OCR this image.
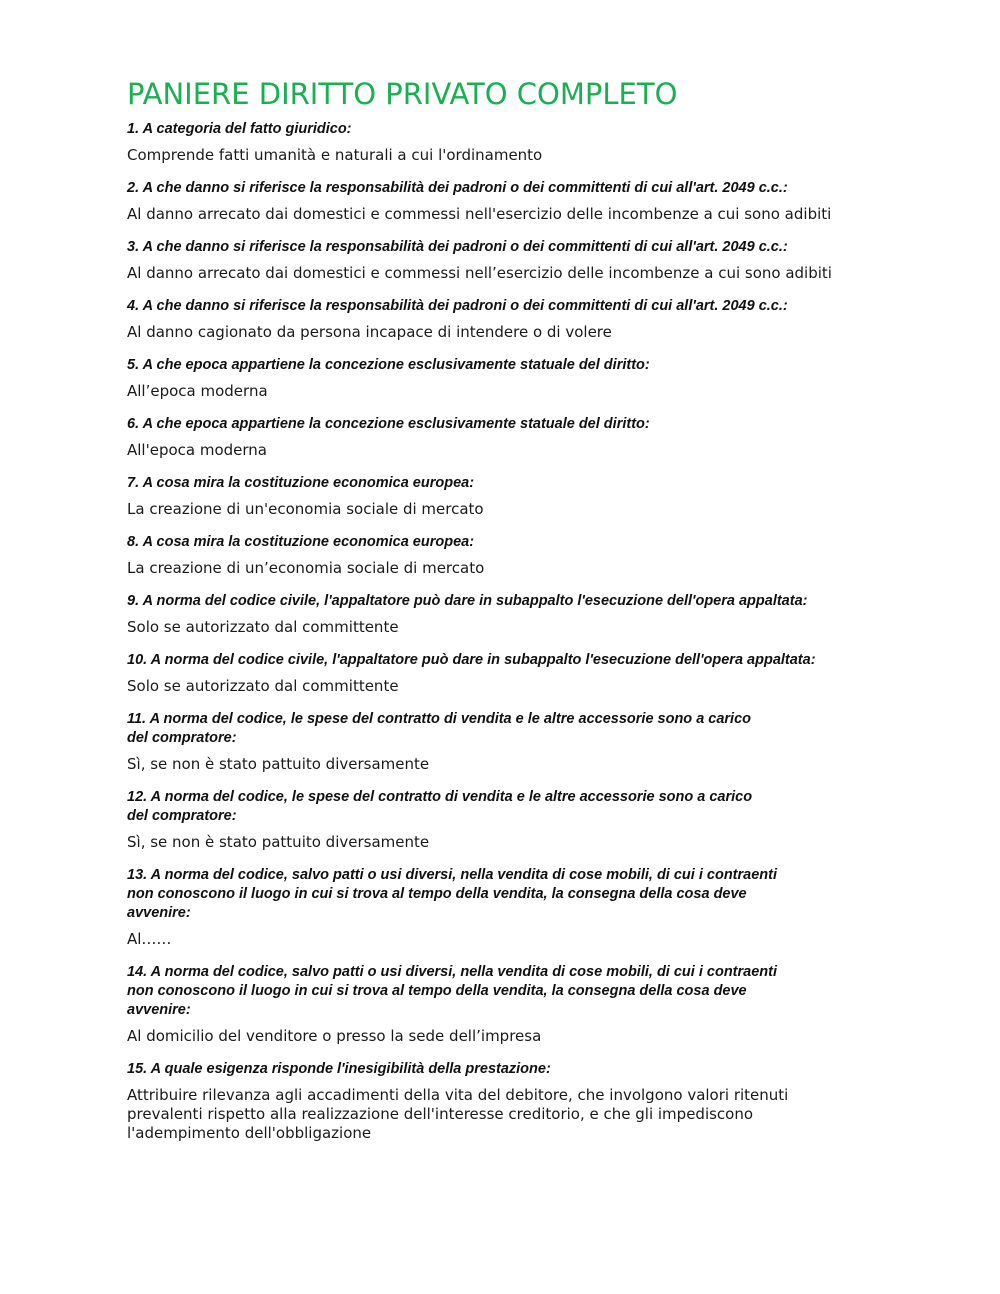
PANIERE DIRITTO PRIVATO COMPLETO

1. A categoria del fatto giuridico:

Comprende fatti umanità e naturali a cui l'ordinamento

2. A che danno si riferisce la responsabilità dei padroni o dei committenti di cui all'art. 2049 c.c.:

Al danno arrecato dai domestici e commessi nell'esercizio delle incombenze a cui sono adibiti

3. A che danno si riferisce la responsabilità dei padroni o dei committenti di cui all'art. 2049 c.c.:

Al danno arrecato dai domestici e commessi nell’esercizio delle incombenze a cui sono adibiti

4. A che danno si riferisce la responsabilità dei padroni o dei committenti di cui all'art. 2049 c.c.:

Al danno cagionato da persona incapace di intendere o di volere

5. A che epoca appartiene la concezione esclusivamente statuale del diritto:

All’epoca moderna

6. A che epoca appartiene la concezione esclusivamente statuale del diritto:

All'epoca moderna

7. A cosa mira la costituzione economica europea:

La creazione di un'economia sociale di mercato

8. A cosa mira la costituzione economica europea:

La creazione di un’economia sociale di mercato

9. A norma del codice civile, l'appaltatore può dare in subappalto l'esecuzione dell'opera appaltata:

Solo se autorizzato dal committente

10. A norma del codice civile, l'appaltatore può dare in subappalto l'esecuzione dell'opera appaltata:

Solo se autorizzato dal committente

11. A norma del codice, le spese del contratto di vendita e le altre accessorie sono a carico
del compratore:

Sì, se non è stato pattuito diversamente

12. A norma del codice, le spese del contratto di vendita e le altre accessorie sono a carico
del compratore:

Sì, se non è stato pattuito diversamente

13. A norma del codice, salvo patti o usi diversi, nella vendita di cose mobili, di cui i contraenti
non conoscono il luogo in cui si trova al tempo della vendita, la consegna della cosa deve
avvenire:

Al……

14. A norma del codice, salvo patti o usi diversi, nella vendita di cose mobili, di cui i contraenti
non conoscono il luogo in cui si trova al tempo della vendita, la consegna della cosa deve
avvenire:

Al domicilio del venditore o presso la sede dell’impresa

15. A quale esigenza risponde l'inesigibilità della prestazione:

Attribuire rilevanza agli accadimenti della vita del debitore, che involgono valori ritenuti
prevalenti rispetto alla realizzazione dell'interesse creditorio, e che gli impediscono
l'adempimento dell'obbligazione
